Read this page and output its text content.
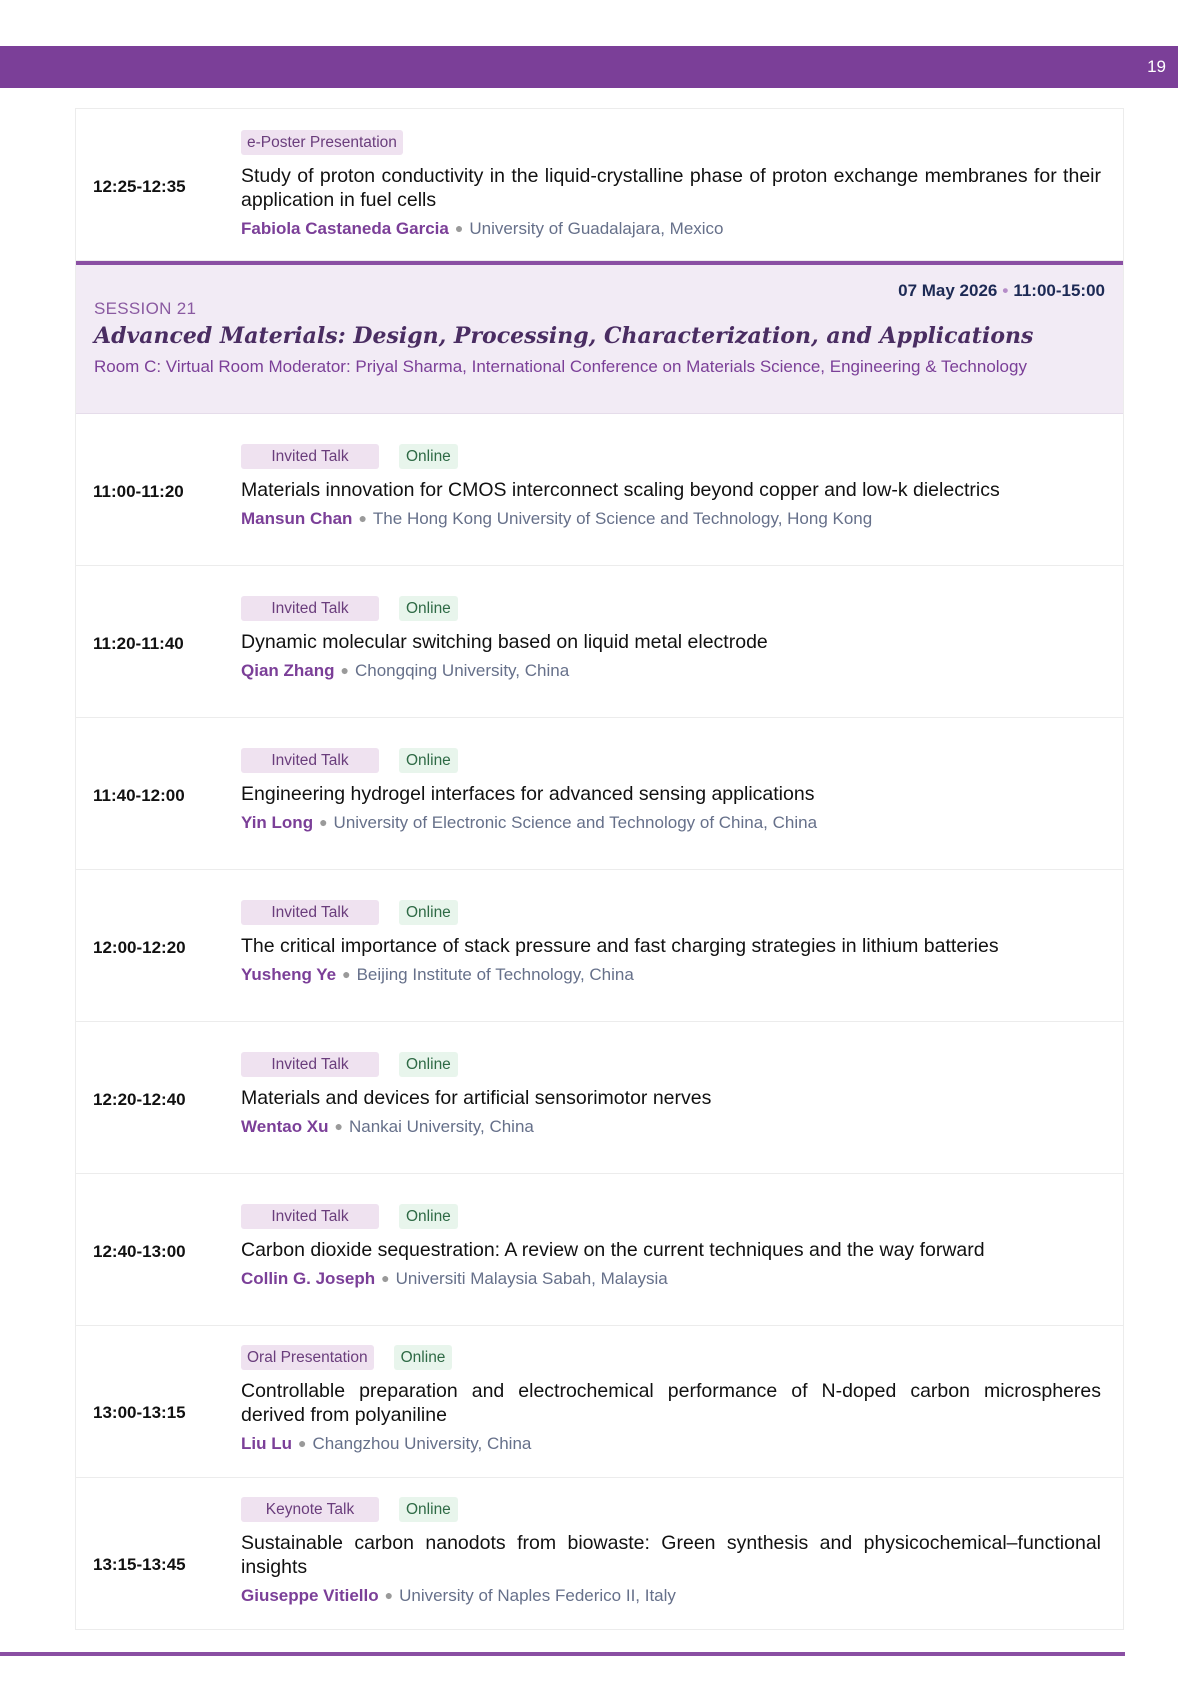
19
12:25-12:35
e-Poster Presentation
Study of proton conductivity in the liquid-crystalline phase of proton exchange membranes for their application in fuel cells
Fabiola Castaneda Garcia ● University of Guadalajara, Mexico
07 May 2026 • 11:00-15:00
SESSION 21
Advanced Materials: Design, Processing, Characterization, and Applications
Room C: Virtual Room Moderator: Priyal Sharma, International Conference on Materials Science, Engineering & Technology
11:00-11:20
Invited Talk	Online
Materials innovation for CMOS interconnect scaling beyond copper and low-k dielectrics
Mansun Chan ● The Hong Kong University of Science and Technology, Hong Kong
11:20-11:40
Invited Talk	Online
Dynamic molecular switching based on liquid metal electrode
Qian Zhang ● Chongqing University, China
11:40-12:00
Invited Talk	Online
Engineering hydrogel interfaces for advanced sensing applications
Yin Long ● University of Electronic Science and Technology of China, China
12:00-12:20
Invited Talk	Online
The critical importance of stack pressure and fast charging strategies in lithium batteries
Yusheng Ye ● Beijing Institute of Technology, China
12:20-12:40
Invited Talk	Online
Materials and devices for artificial sensorimotor nerves
Wentao Xu ● Nankai University, China
12:40-13:00
Invited Talk	Online
Carbon dioxide sequestration: A review on the current techniques and the way forward
Collin G. Joseph ● Universiti Malaysia Sabah, Malaysia
13:00-13:15
Oral Presentation	Online
Controllable preparation and electrochemical performance of N-doped carbon microspheres derived from polyaniline
Liu Lu ● Changzhou University, China
13:15-13:45
Keynote Talk	Online
Sustainable carbon nanodots from biowaste: Green synthesis and physicochemical–functional insights
Giuseppe Vitiello ● University of Naples Federico II, Italy
